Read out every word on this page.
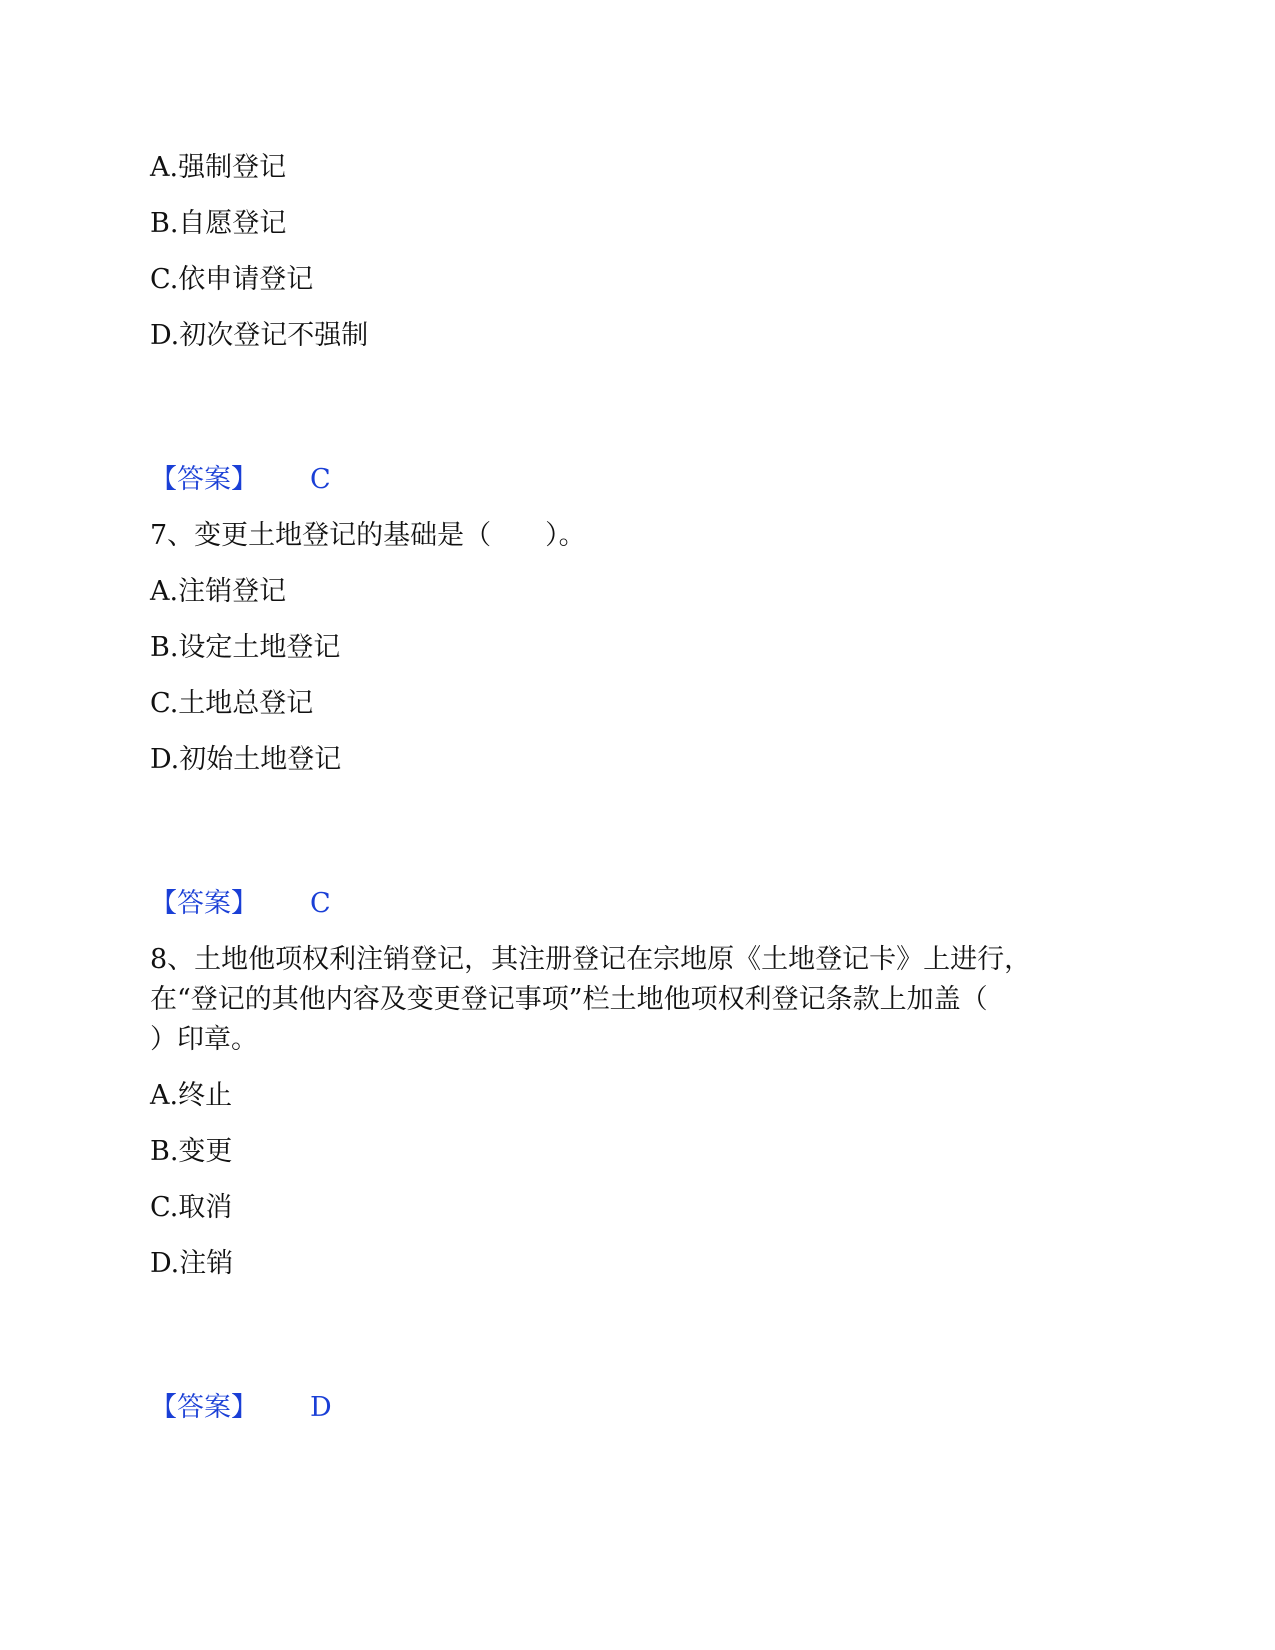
A.强制登记
B.自愿登记
C.依申请登记
D.初次登记不强制
【答案】 C
7、变更土地登记的基础是（　　）。
A.注销登记
B.设定土地登记
C.土地总登记
D.初始土地登记
【答案】 C
8、土地他项权利注销登记，其注册登记在宗地原《土地登记卡》上进行，
在“登记的其他内容及变更登记事项”栏土地他项权利登记条款上加盖（
）印章。
A.终止
B.变更
C.取消
D.注销
【答案】 D
